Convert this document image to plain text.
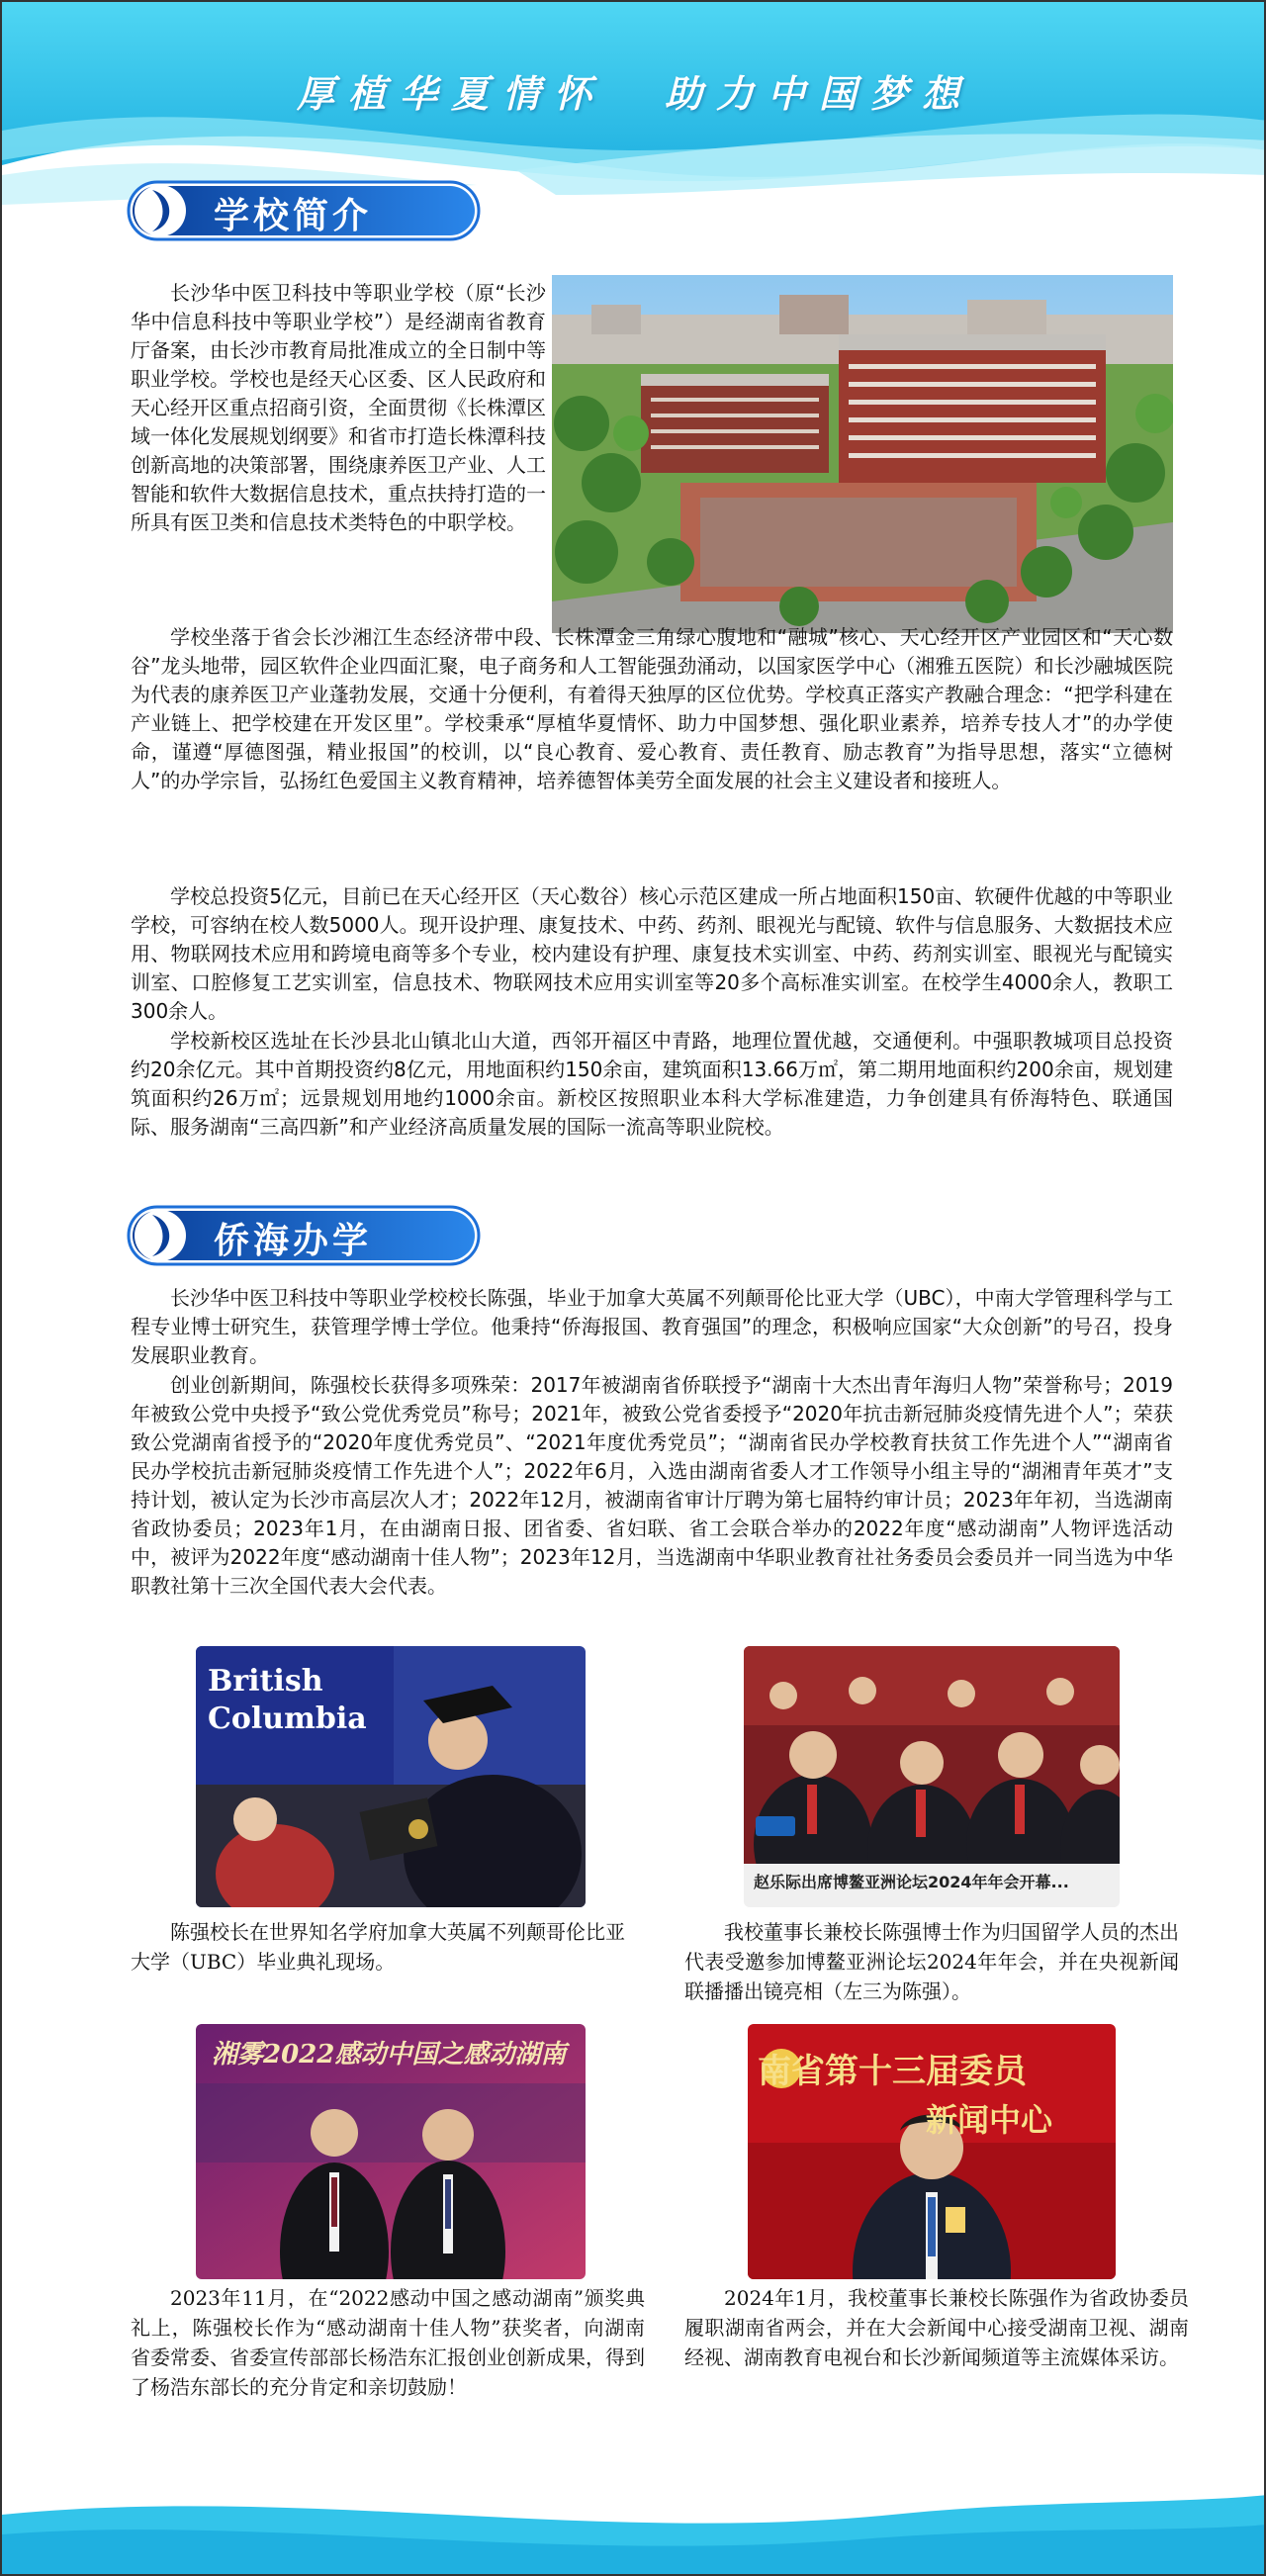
厚植华夏情怀 助力中国梦想
学校简介
长沙华中医卫科技中等职业学校（原“长沙华中信息科技中等职业学校”）是经湖南省教育厅备案，由长沙市教育局批准成立的全日制中等职业学校。学校也是经天心区委、区人民政府和天心经开区重点招商引资，全面贯彻《长株潭区域一体化发展规划纲要》和省市打造长株潭科技创新高地的决策部署，围绕康养医卫产业、人工智能和软件大数据信息技术，重点扶持打造的一所具有医卫类和信息技术类特色的中职学校。
学校坐落于省会长沙湘江生态经济带中段、长株潭金三角绿心腹地和“融城”核心、天心经开区产业园区和“天心数谷”龙头地带，园区软件企业四面汇聚，电子商务和人工智能强劲涌动，以国家医学中心（湘雅五医院）和长沙融城医院为代表的康养医卫产业蓬勃发展，交通十分便利，有着得天独厚的区位优势。学校真正落实产教融合理念：“把学科建在产业链上、把学校建在开发区里”。学校秉承“厚植华夏情怀、助力中国梦想、强化职业素养，培养专技人才”的办学使命，谨遵“厚德图强，精业报国”的校训，以“良心教育、爱心教育、责任教育、励志教育”为指导思想，落实“立德树人”的办学宗旨，弘扬红色爱国主义教育精神，培养德智体美劳全面发展的社会主义建设者和接班人。
学校总投资5亿元，目前已在天心经开区（天心数谷）核心示范区建成一所占地面积150亩、软硬件优越的中等职业学校，可容纳在校人数5000人。现开设护理、康复技术、中药、药剂、眼视光与配镜、软件与信息服务、大数据技术应用、物联网技术应用和跨境电商等多个专业，校内建设有护理、康复技术实训室、中药、药剂实训室、眼视光与配镜实训室、口腔修复工艺实训室，信息技术、物联网技术应用实训室等20多个高标准实训室。在校学生4000余人，教职工300余人。
学校新校区选址在长沙县北山镇北山大道，西邻开福区中青路，地理位置优越，交通便利。中强职教城项目总投资约20余亿元。其中首期投资约8亿元，用地面积约150余亩，建筑面积13.66万㎡，第二期用地面积约200余亩，规划建筑面积约26万㎡；远景规划用地约1000余亩。新校区按照职业本科大学标准建造，力争创建具有侨海特色、联通国际、服务湖南“三高四新”和产业经济高质量发展的国际一流高等职业院校。
侨海办学
长沙华中医卫科技中等职业学校校长陈强，毕业于加拿大英属不列颠哥伦比亚大学（UBC），中南大学管理科学与工程专业博士研究生，获管理学博士学位。他秉持“侨海报国、教育强国”的理念，积极响应国家“大众创新”的号召，投身发展职业教育。
创业创新期间，陈强校长获得多项殊荣：2017年被湖南省侨联授予“湖南十大杰出青年海归人物”荣誉称号；2019年被致公党中央授予“致公党优秀党员”称号；2021年，被致公党省委授予“2020年抗击新冠肺炎疫情先进个人”；荣获致公党湖南省授予的“2020年度优秀党员”、“2021年度优秀党员”；“湖南省民办学校教育扶贫工作先进个人”“湖南省民办学校抗击新冠肺炎疫情工作先进个人”；2022年6月，入选由湖南省委人才工作领导小组主导的“湖湘青年英才”支持计划，被认定为长沙市高层次人才；2022年12月，被湖南省审计厅聘为第七届特约审计员；2023年年初，当选湖南省政协委员；2023年1月，在由湖南日报、团省委、省妇联、省工会联合举办的2022年度“感动湖南”人物评选活动中，被评为2022年度“感动湖南十佳人物”；2023年12月，当选湖南中华职业教育社社务委员会委员并一同当选为中华职教社第十三次全国代表大会代表。
British
Columbia
陈强校长在世界知名学府加拿大英属不列颠哥伦比亚大学（UBC）毕业典礼现场。
赵乐际出席博鳌亚洲论坛2024年年会开幕...
我校董事长兼校长陈强博士作为归国留学人员的杰出代表受邀参加博鳌亚洲论坛2024年年会，并在央视新闻联播播出镜亮相（左三为陈强）。
湘雾2022感动中国之感动湖南
2023年11月，在“2022感动中国之感动湖南”颁奖典礼上，陈强校长作为“感动湖南十佳人物”获奖者，向湖南省委常委、省委宣传部部长杨浩东汇报创业创新成果，得到了杨浩东部长的充分肯定和亲切鼓励！
南省第十三届委员
新闻中心
2024年1月，我校董事长兼校长陈强作为省政协委员履职湖南省两会，并在大会新闻中心接受湖南卫视、湖南经视、湖南教育电视台和长沙新闻频道等主流媒体采访。
